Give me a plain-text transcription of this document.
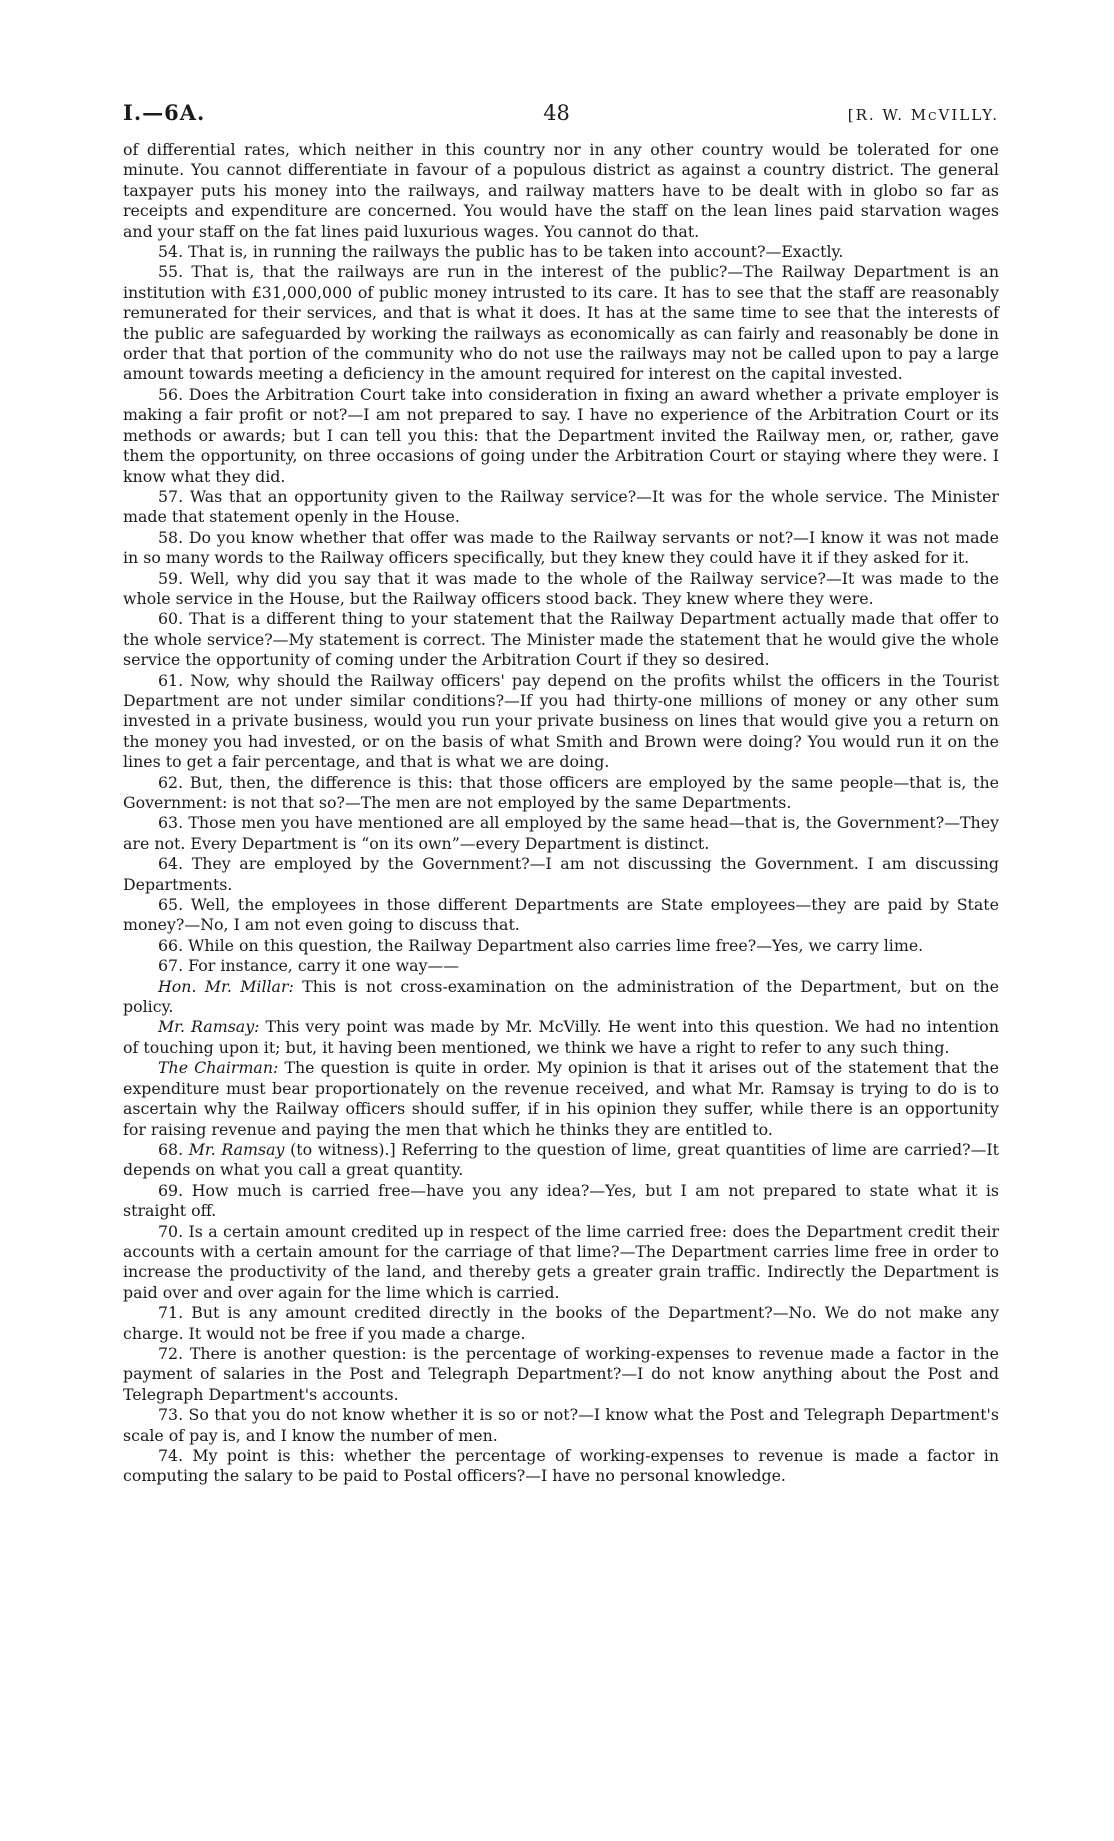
I.—6A.	48	[R. W. McVILLY.

of differential rates, which neither in this country nor in any other country would be tolerated for one minute. You cannot differentiate in favour of a populous district as against a country district. The general taxpayer puts his money into the railways, and railway matters have to be dealt with in globo so far as receipts and expenditure are concerned. You would have the staff on the lean lines paid starvation wages and your staff on the fat lines paid luxurious wages. You cannot do that.

54. That is, in running the railways the public has to be taken into account?—Exactly.

55. That is, that the railways are run in the interest of the public?—The Railway Department is an institution with £31,000,000 of public money intrusted to its care. It has to see that the staff are reasonably remunerated for their services, and that is what it does. It has at the same time to see that the interests of the public are safeguarded by working the railways as economically as can fairly and reasonably be done in order that that portion of the community who do not use the railways may not be called upon to pay a large amount towards meeting a deficiency in the amount required for interest on the capital invested.

56. Does the Arbitration Court take into consideration in fixing an award whether a private employer is making a fair profit or not?—I am not prepared to say. I have no experience of the Arbitration Court or its methods or awards; but I can tell you this: that the Department invited the Railway men, or, rather, gave them the opportunity, on three occasions of going under the Arbitration Court or staying where they were. I know what they did.

57. Was that an opportunity given to the Railway service?—It was for the whole service. The Minister made that statement openly in the House.

58. Do you know whether that offer was made to the Railway servants or not?—I know it was not made in so many words to the Railway officers specifically, but they knew they could have it if they asked for it.

59. Well, why did you say that it was made to the whole of the Railway service?—It was made to the whole service in the House, but the Railway officers stood back. They knew where they were.

60. That is a different thing to your statement that the Railway Department actually made that offer to the whole service?—My statement is correct. The Minister made the statement that he would give the whole service the opportunity of coming under the Arbitration Court if they so desired.

61. Now, why should the Railway officers' pay depend on the profits whilst the officers in the Tourist Department are not under similar conditions?—If you had thirty-one millions of money or any other sum invested in a private business, would you run your private business on lines that would give you a return on the money you had invested, or on the basis of what Smith and Brown were doing? You would run it on the lines to get a fair percentage, and that is what we are doing.

62. But, then, the difference is this: that those officers are employed by the same people—that is, the Government: is not that so?—The men are not employed by the same Departments.

63. Those men you have mentioned are all employed by the same head—that is, the Government?—They are not. Every Department is “on its own”—every Department is distinct.

64. They are employed by the Government?—I am not discussing the Government. I am discussing Departments.

65. Well, the employees in those different Departments are State employees—they are paid by State money?—No, I am not even going to discuss that.

66. While on this question, the Railway Department also carries lime free?—Yes, we carry lime.

67. For instance, carry it one way——

Hon. Mr. Millar: This is not cross-examination on the administration of the Department, but on the policy.

Mr. Ramsay: This very point was made by Mr. McVilly. He went into this question. We had no intention of touching upon it; but, it having been mentioned, we think we have a right to refer to any such thing.

The Chairman: The question is quite in order. My opinion is that it arises out of the statement that the expenditure must bear proportionately on the revenue received, and what Mr. Ramsay is trying to do is to ascertain why the Railway officers should suffer, if in his opinion they suffer, while there is an opportunity for raising revenue and paying the men that which he thinks they are entitled to.

68. Mr. Ramsay (to witness).] Referring to the question of lime, great quantities of lime are carried?—It depends on what you call a great quantity.

69. How much is carried free—have you any idea?—Yes, but I am not prepared to state what it is straight off.

70. Is a certain amount credited up in respect of the lime carried free: does the Department credit their accounts with a certain amount for the carriage of that lime?—The Department carries lime free in order to increase the productivity of the land, and thereby gets a greater grain traffic. Indirectly the Department is paid over and over again for the lime which is carried.

71. But is any amount credited directly in the books of the Department?—No. We do not make any charge. It would not be free if you made a charge.

72. There is another question: is the percentage of working-expenses to revenue made a factor in the payment of salaries in the Post and Telegraph Department?—I do not know anything about the Post and Telegraph Department's accounts.

73. So that you do not know whether it is so or not?—I know what the Post and Telegraph Department's scale of pay is, and I know the number of men.

74. My point is this: whether the percentage of working-expenses to revenue is made a factor in computing the salary to be paid to Postal officers?—I have no personal knowledge.
